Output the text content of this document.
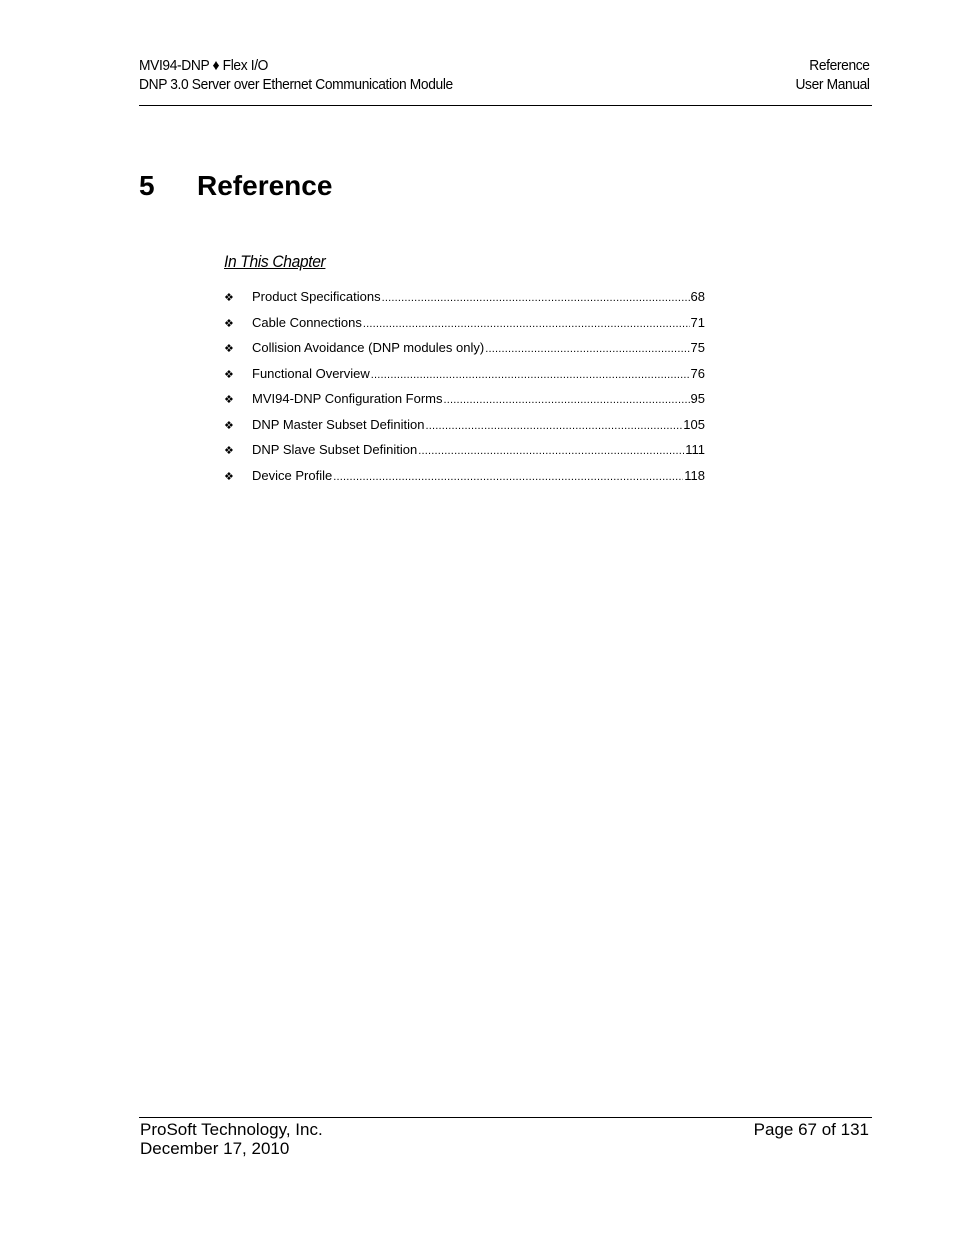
MVI94-DNP ♦ Flex I/O
DNP 3.0 Server over Ethernet Communication Module
Reference
User Manual
5 Reference
In This Chapter
❖	Product Specifications .....	68
❖	Cable Connections .....	71
❖	Collision Avoidance (DNP modules only) .....	75
❖	Functional Overview .....	76
❖	MVI94-DNP Configuration Forms .....	95
❖	DNP Master Subset Definition .....	105
❖	DNP Slave Subset Definition .....	111
❖	Device Profile .....	118
ProSoft Technology, Inc.
December 17, 2010
Page 67 of 131
